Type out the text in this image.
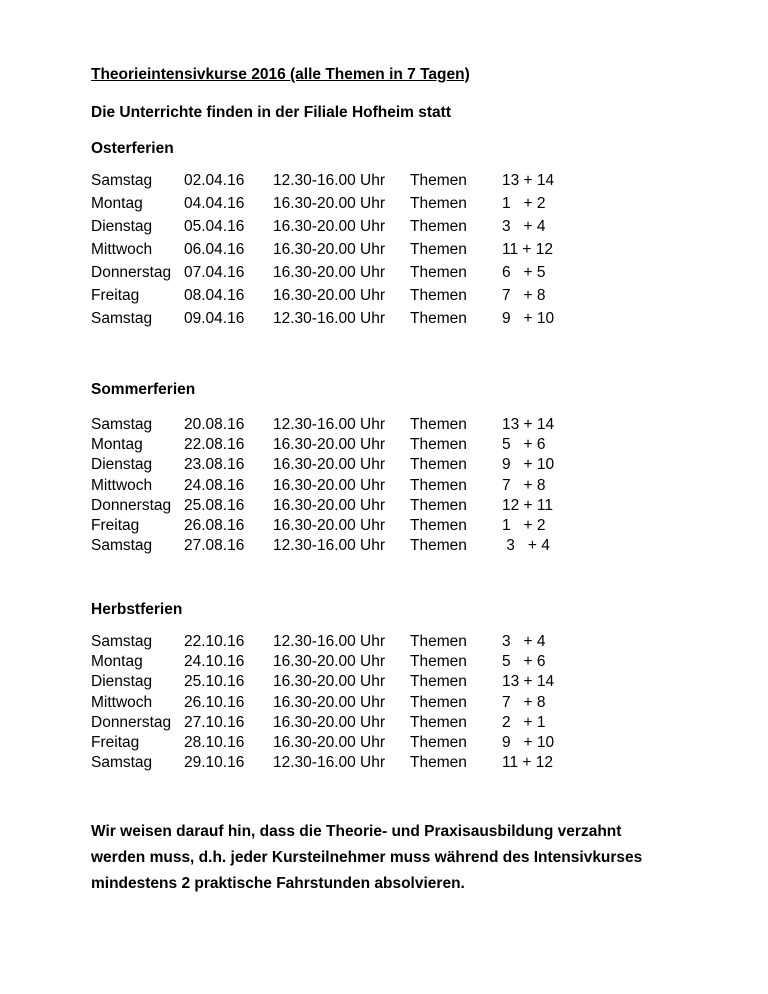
Theorieintensivkurse 2016 (alle Themen in 7 Tagen)
Die Unterrichte finden in der Filiale Hofheim statt
Osterferien
Samstag 02.04.16 12.30-16.00 Uhr Themen 13 + 14
Montag	04.04.16 16.30-20.00 Uhr Themen 1   + 2
Dienstag 05.04.16 16.30-20.00 Uhr Themen 3   + 4
Mittwoch 06.04.16 16.30-20.00 Uhr Themen 11 + 12
Donnerstag 07.04.16 16.30-20.00 Uhr Themen 6   + 5
Freitag	08.04.16 16.30-20.00 Uhr Themen 7   + 8
Samstag 09.04.16 12.30-16.00 Uhr Themen 9   + 10
Sommerferien
Samstag 20.08.16 12.30-16.00 Uhr Themen 13 + 14
Montag	22.08.16 16.30-20.00 Uhr Themen 5   + 6
Dienstag 23.08.16 16.30-20.00 Uhr Themen 9   + 10
Mittwoch 24.08.16 16.30-20.00 Uhr Themen 7   + 8
Donnerstag 25.08.16 16.30-20.00 Uhr Themen 12 + 11
Freitag	26.08.16 16.30-20.00 Uhr Themen 1   + 2
Samstag 27.08.16 12.30-16.00 Uhr Themen 3   + 4
Herbstferien
Samstag 22.10.16 12.30-16.00 Uhr Themen 3   + 4
Montag	24.10.16 16.30-20.00 Uhr Themen 5   + 6
Dienstag 25.10.16 16.30-20.00 Uhr Themen 13 + 14
Mittwoch 26.10.16 16.30-20.00 Uhr Themen 7   + 8
Donnerstag 27.10.16 16.30-20.00 Uhr Themen 2   + 1
Freitag	28.10.16 16.30-20.00 Uhr Themen 9   + 10
Samstag 29.10.16 12.30-16.00 Uhr Themen 11 + 12
Wir weisen darauf hin, dass die Theorie- und Praxisausbildung verzahnt
werden muss, d.h. jeder Kursteilnehmer muss während des Intensivkurses
mindestens 2 praktische Fahrstunden absolvieren.
